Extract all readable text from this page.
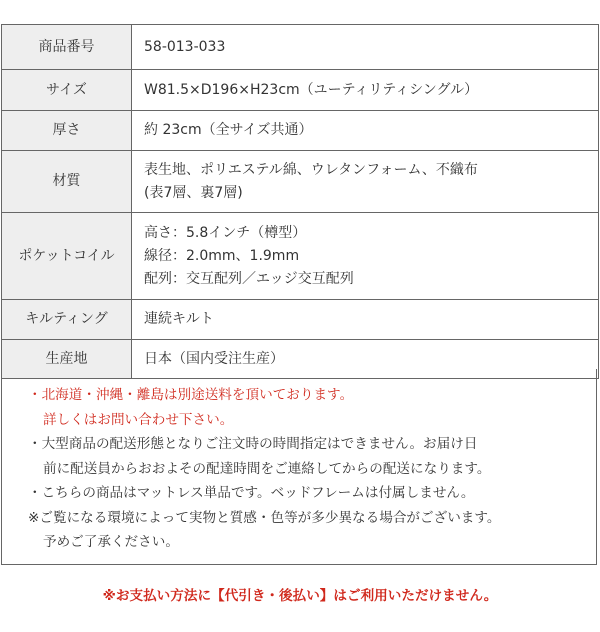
商品番号	58-013-033

サイズ	W81.5×D196×H23cm（ユーティリティシングル）

厚さ	約 23cm（全サイズ共通）

材質	表生地、ポリエステル綿、ウレタンフォーム、不織布
(表7層、裏7層)

ポケットコイル	高さ：5.8インチ（樽型）
線径：2.0mm、1.9mm
配列：交互配列／エッジ交互配列

キルティング	連続キルト

生産地	日本（国内受注生産）
・北海道・沖縄・離島は別途送料を頂いております。
詳しくはお問い合わせ下さい。
・大型商品の配送形態となりご注文時の時間指定はできません。お届け日
前に配送員からおおよその配達時間をご連絡してからの配送になります。
・こちらの商品はマットレス単品です。ベッドフレームは付属しません。
※ご覧になる環境によって実物と質感・色等が多少異なる場合がございます。
予めご了承ください。
※お支払い方法に【代引き・後払い】はご利用いただけません。
